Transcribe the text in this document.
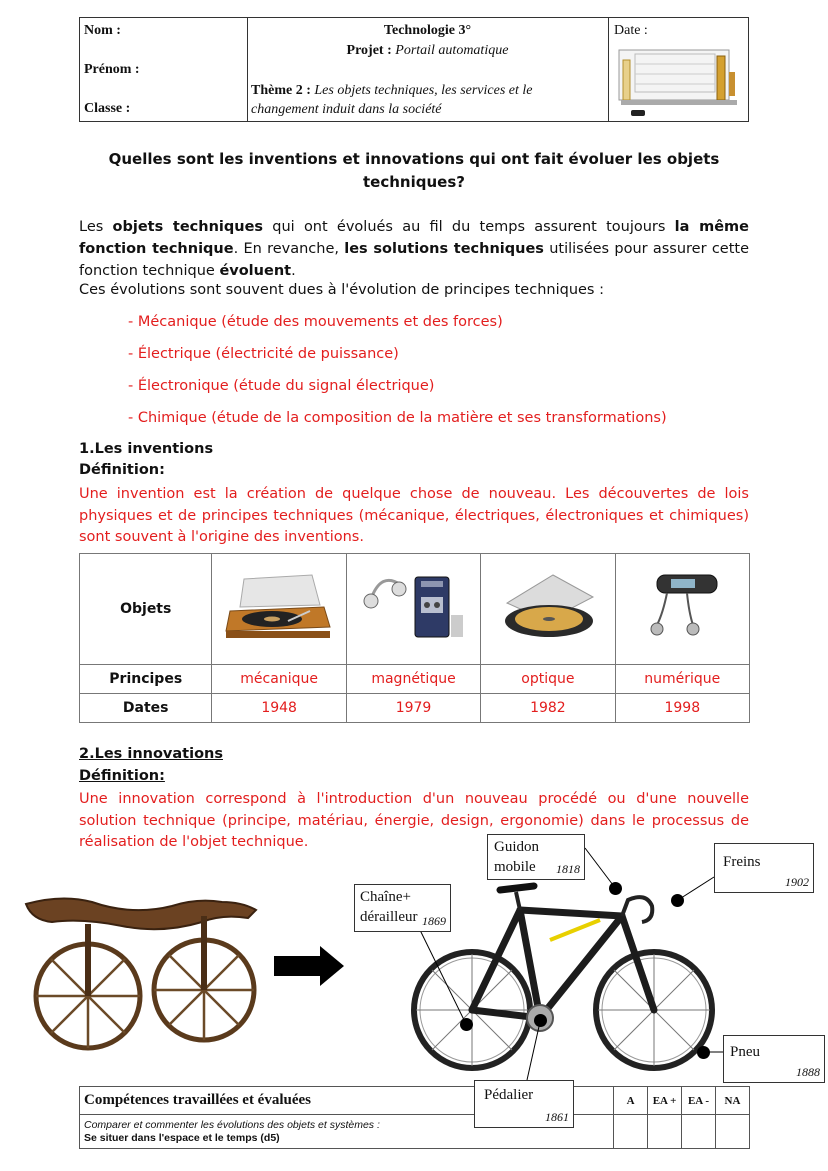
Nom :
Prénom :
Classe :
Technologie 3°
Projet : Portail automatique
Thème 2 : Les objets techniques, les services et le
changement induit dans la société
Date :
Quelles sont les inventions et innovations qui ont fait évoluer les objets
techniques?
Les objets techniques qui ont évolués au fil du temps assurent toujours la même fonction technique. En revanche, les solutions techniques utilisées pour assurer cette fonction technique évoluent.
Ces évolutions sont souvent dues à l'évolution de principes techniques :
- Mécanique (étude des mouvements et des forces)
- Électrique (électricité de puissance)
- Électronique (étude du signal électrique)
- Chimique (étude de la composition de la matière et ses transformations)
1.Les inventions
Définition:
Une invention est la création de quelque chose de nouveau. Les découvertes de lois physiques et de principes techniques (mécanique, électriques, électroniques et chimiques) sont souvent à l'origine des inventions.
Objets				
Principes	mécanique	magnétique	optique	numérique
Dates	1948	1979	1982	1998
2.Les innovations
Définition:
Une innovation correspond à l'introduction d'un nouveau procédé ou d'une nouvelle solution technique (principe, matériau, énergie, design, ergonomie) dans le processus de réalisation de l'objet technique.	Guidon
mobile 1818	Freins
1902
Chaîne+
dérailleur 1869
Pneu
1888
Compétences travaillées et évaluées	A	EA +	EA -	NA

Comparer et commenter les évolutions des objets et systèmes :
Se situer dans l'espace et le temps (d5)				

Pédalier
1861
